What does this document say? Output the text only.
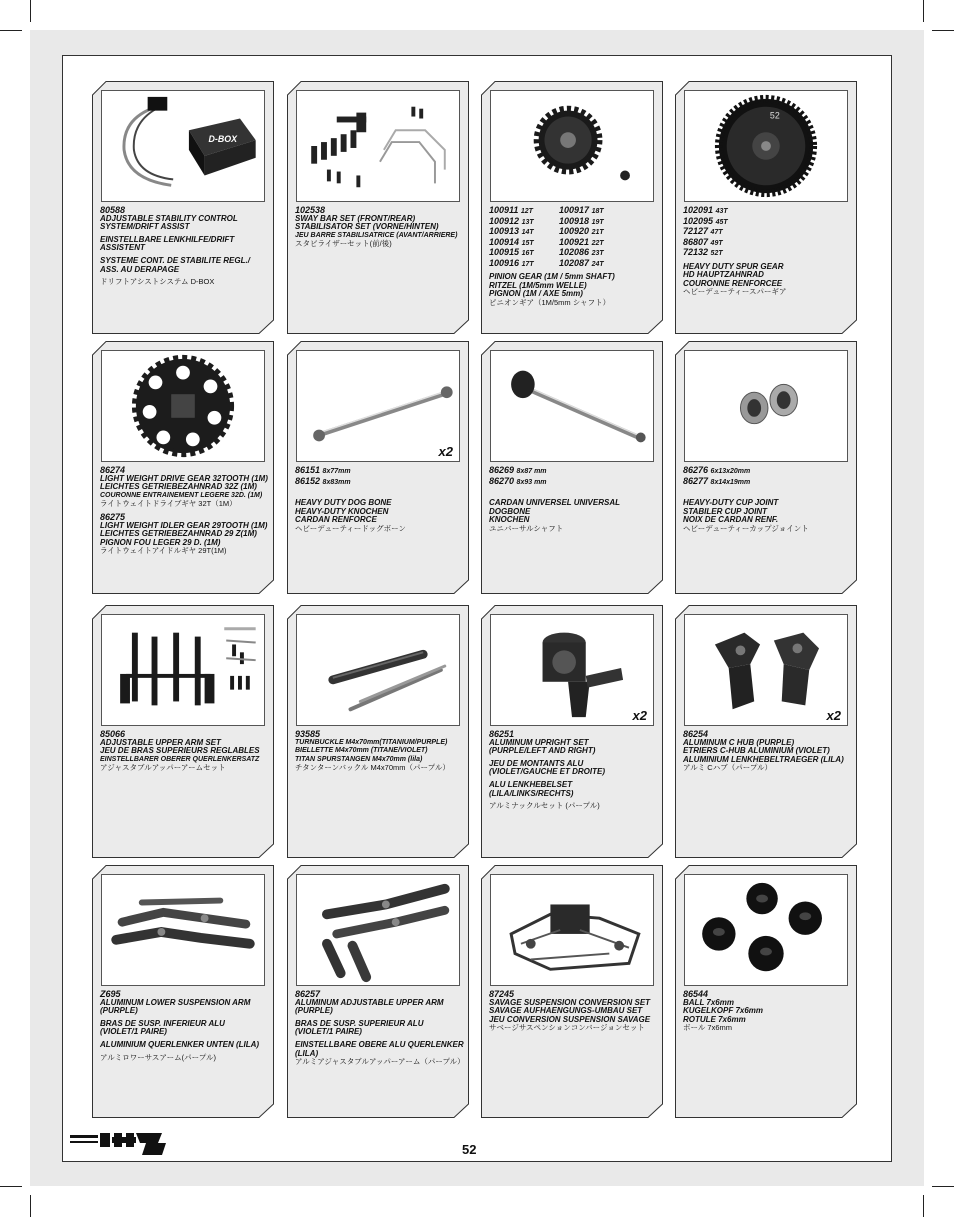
D-BOX
80588
ADJUSTABLE STABILITY CONTROL
SYSTEM/DRIFT ASSIST
EINSTELLBARE LENKHILFE/DRIFT
ASSISTENT
SYSTEME CONT. DE STABILITE REGL./
ASS. AU DERAPAGE
ドリフトアシストシステム D-BOX
102538
SWAY BAR SET (FRONT/REAR)
STABILISATOR SET (VORNE/HINTEN)
JEU BARRE STABILISATRICE (AVANT/ARRIERE)
スタビライザーセット(前/後)
100911 12T	100917 18T
100912 13T	100918 19T
100913 14T	100920 21T
100914 15T	100921 22T
100915 16T	102086 23T
100916 17T	102087 24T
PINION GEAR (1M / 5mm SHAFT)
RITZEL (1M/5mm WELLE)
PIGNON (1M / AXE 5mm)
ピニオンギア（1M/5mm シャフト）
52
102091 43T
102095 45T
72127 47T
86807 49T
72132 52T
HEAVY DUTY SPUR GEAR
HD HAUPTZAHNRAD
COURONNE RENFORCEE
ヘビーデューティースパーギア
86274
LIGHT WEIGHT DRIVE GEAR 32TOOTH (1M)
LEICHTES GETRIEBEZAHNRAD 32Z (1M)
COURONNE ENTRAINEMENT LEGERE 32D. (1M)
ライトウェイトドライブギヤ 32T（1M）
86275
LIGHT WEIGHT IDLER GEAR 29TOOTH (1M)
LEICHTES GETRIEBEZAHNRAD 29 Z(1M)
PIGNON FOU LEGER 29 D. (1M)
ライトウェイトアイドルギヤ 29T(1M)
x2
86151 8x77mm
86152 8x83mm
HEAVY DUTY DOG BONE
HEAVY-DUTY KNOCHEN
CARDAN RENFORCE
ヘビーデューティードッグボーン
86269 8x87 mm
86270 8x93 mm
CARDAN UNIVERSEL UNIVERSAL
DOGBONE
KNOCHEN
ユニバーサルシャフト
86276 6x13x20mm
86277 8x14x19mm
HEAVY-DUTY CUP JOINT
STABILER CUP JOINT
NOIX DE CARDAN RENF.
ヘビーデューティーカップジョイント
85066
ADJUSTABLE UPPER ARM SET
JEU DE BRAS SUPERIEURS REGLABLES
EINSTELLBARER OBERER QUERLENKERSATZ
アジャスタブルアッパーアームセット
93585
TURNBUCKLE M4x70mm(TITANIUM/PURPLE)
BIELLETTE M4x70mm (TITANE/VIOLET)
TITAN SPURSTANGEN M4x70mm (lila)
チタンターンバックル M4x70mm（パープル）
x2
86251
ALUMINUM UPRIGHT SET
(PURPLE/LEFT AND RIGHT)
JEU DE MONTANTS ALU
(VIOLET/GAUCHE ET DROITE)
ALU LENKHEBELSET
(LILA/LINKS/RECHTS)
アルミナックルセット (パープル)
x2
86254
ALUMINUM C HUB (PURPLE)
ETRIERS C-HUB ALUMINIUM (VIOLET)
ALUMINIUM LENKHEBELTRAEGER (LILA)
アルミ Cハブ（パープル）
Z695
ALUMINUM LOWER SUSPENSION ARM
(PURPLE)
BRAS DE SUSP. INFERIEUR ALU
(VIOLET/1 PAIRE)
ALUMINIUM QUERLENKER UNTEN (LILA)
アルミロワーサスアーム(パープル)
86257
ALUMINUM ADJUSTABLE UPPER ARM
(PURPLE)
BRAS DE SUSP. SUPERIEUR ALU
(VIOLET/1 PAIRE)
EINSTELLBARE OBERE ALU QUERLENKER
(LILA)
アルミアジャスタブルアッパーアーム（パープル）
87245
SAVAGE SUSPENSION CONVERSION SET
SAVAGE AUFHAENGUNGS-UMBAU SET
JEU CONVERSION SUSPENSION SAVAGE
サベージサスペンションコンバージョンセット
86544
BALL 7x6mm
KUGELKOPF 7x6mm
ROTULE 7x6mm
ボール 7x6mm
52
